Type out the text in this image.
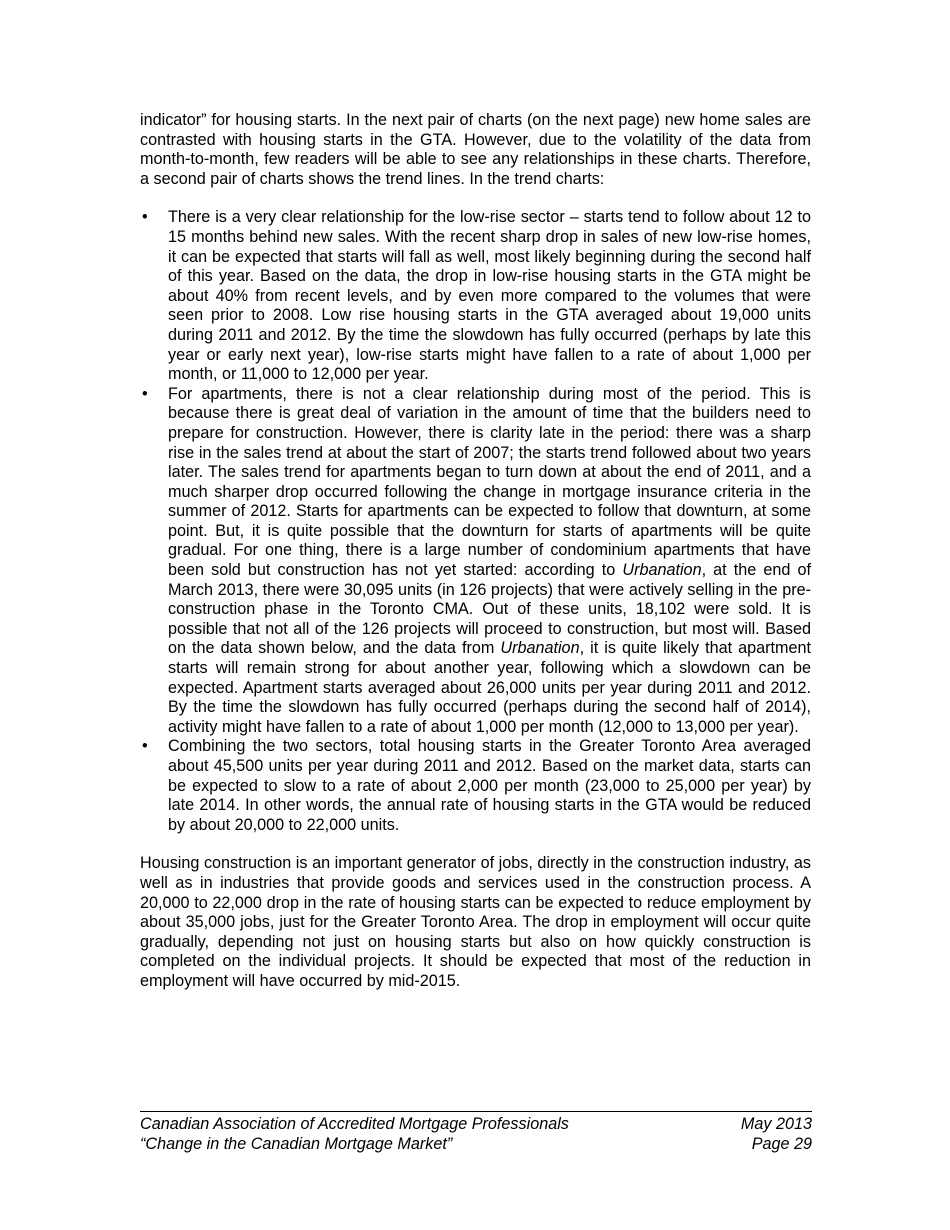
indicator” for housing starts. In the next pair of charts (on the next page) new home sales are contrasted with housing starts in the GTA. However, due to the volatility of the data from month-to-month, few readers will be able to see any relationships in these charts. Therefore, a second pair of charts shows the trend lines. In the trend charts:

•	There is a very clear relationship for the low-rise sector – starts tend to follow about 12 to 15 months behind new sales. With the recent sharp drop in sales of new low-rise homes, it can be expected that starts will fall as well, most likely beginning during the second half of this year. Based on the data, the drop in low-rise housing starts in the GTA might be about 40% from recent levels, and by even more compared to the volumes that were seen prior to 2008. Low rise housing starts in the GTA averaged about 19,000 units during 2011 and 2012. By the time the slowdown has fully occurred (perhaps by late this year or early next year), low-rise starts might have fallen to a rate of about 1,000 per month, or 11,000 to 12,000 per year.
•	For apartments, there is not a clear relationship during most of the period. This is because there is great deal of variation in the amount of time that the builders need to prepare for construction. However, there is clarity late in the period: there was a sharp rise in the sales trend at about the start of 2007; the starts trend followed about two years later. The sales trend for apartments began to turn down at about the end of 2011, and a much sharper drop occurred following the change in mortgage insurance criteria in the summer of 2012. Starts for apartments can be expected to follow that downturn, at some point. But, it is quite possible that the downturn for starts of apartments will be quite gradual. For one thing, there is a large number of condominium apartments that have been sold but construction has not yet started: according to Urbanation, at the end of March 2013, there were 30,095 units (in 126 projects) that were actively selling in the pre-construction phase in the Toronto CMA. Out of these units, 18,102 were sold. It is possible that not all of the 126 projects will proceed to construction, but most will. Based on the data shown below, and the data from Urbanation, it is quite likely that apartment starts will remain strong for about another year, following which a slowdown can be expected. Apartment starts averaged about 26,000 units per year during 2011 and 2012. By the time the slowdown has fully occurred (perhaps during the second half of 2014), activity might have fallen to a rate of about 1,000 per month (12,000 to 13,000 per year).
•	Combining the two sectors, total housing starts in the Greater Toronto Area averaged about 45,500 units per year during 2011 and 2012. Based on the market data, starts can be expected to slow to a rate of about 2,000 per month (23,000 to 25,000 per year) by late 2014. In other words, the annual rate of housing starts in the GTA would be reduced by about 20,000 to 22,000 units.

Housing construction is an important generator of jobs, directly in the construction industry, as well as in industries that provide goods and services used in the construction process. A 20,000 to 22,000 drop in the rate of housing starts can be expected to reduce employment by about 35,000 jobs, just for the Greater Toronto Area. The drop in employment will occur quite gradually, depending not just on housing starts but also on how quickly construction is completed on the individual projects. It should be expected that most of the reduction in employment will have occurred by mid-2015.

Canadian Association of Accredited Mortgage Professionals	May 2013
“Change in the Canadian Mortgage Market”	Page 29
